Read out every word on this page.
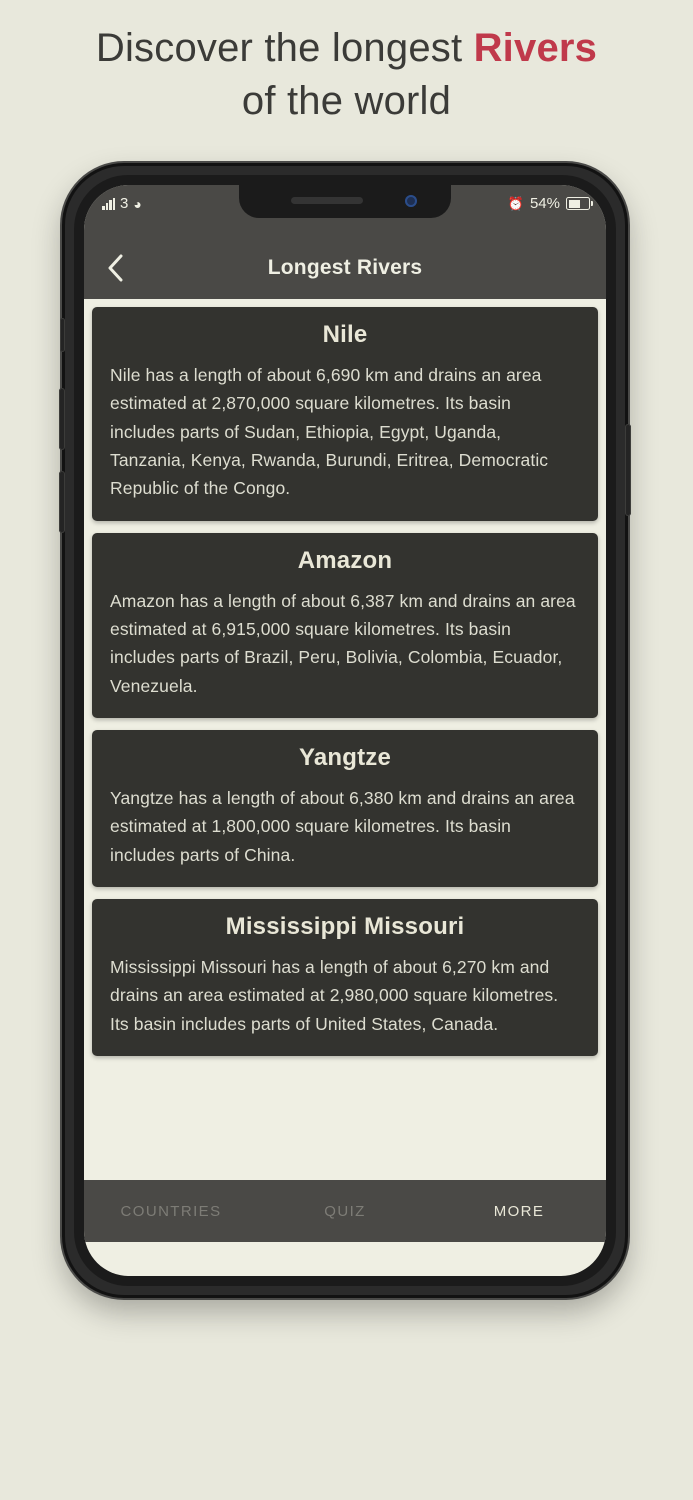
Discover the longest Rivers
of the world
3 ◕	⏰ 54%
Longest Rivers
Nile
Nile has a length of about 6,690 km and drains an area estimated at 2,870,000 square kilometres. Its basin includes parts of Sudan, Ethiopia, Egypt, Uganda, Tanzania, Kenya, Rwanda, Burundi, Eritrea, Democratic Republic of the Congo.
Amazon
Amazon has a length of about 6,387 km and drains an area estimated at 6,915,000 square kilometres. Its basin includes parts of Brazil, Peru, Bolivia, Colombia, Ecuador, Venezuela.
Yangtze
Yangtze has a length of about 6,380 km and drains an area estimated at 1,800,000 square kilometres. Its basin includes parts of China.
Mississippi Missouri
Mississippi Missouri has a length of about 6,270 km and drains an area estimated at 2,980,000 square kilometres. Its basin includes parts of United States, Canada.
COUNTRIES	QUIZ	MORE
